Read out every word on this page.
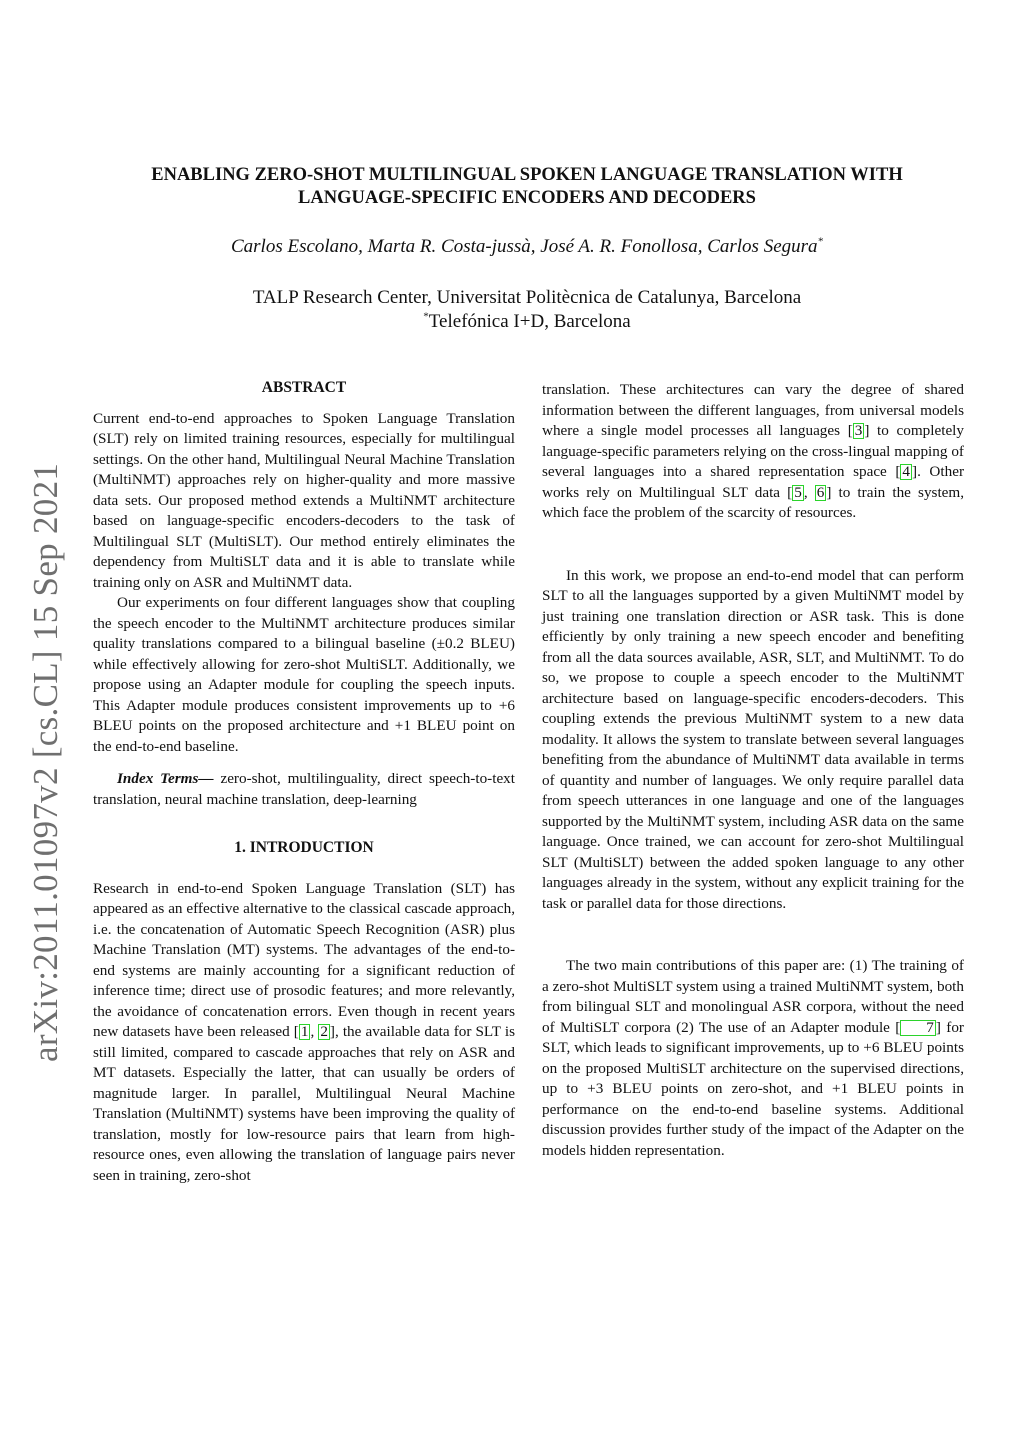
arXiv:2011.01097v2 [cs.CL] 15 Sep 2021
ENABLING ZERO-SHOT MULTILINGUAL SPOKEN LANGUAGE TRANSLATION WITH
LANGUAGE-SPECIFIC ENCODERS AND DECODERS
Carlos Escolano, Marta R. Costa-jussà, José A. R. Fonollosa, Carlos Segura*
TALP Research Center, Universitat Politècnica de Catalunya, Barcelona
*Telefónica I+D, Barcelona
ABSTRACT

Current end-to-end approaches to Spoken Language Translation (SLT) rely on limited training resources, especially for multilingual settings. On the other hand, Multilingual Neural Machine Translation (MultiNMT) approaches rely on higher-quality and more massive data sets. Our proposed method extends a MultiNMT architecture based on language-specific encoders-decoders to the task of Multilingual SLT (MultiSLT). Our method entirely eliminates the dependency from MultiSLT data and it is able to translate while training only on ASR and MultiNMT data.

Our experiments on four different languages show that coupling the speech encoder to the MultiNMT architecture produces similar quality translations compared to a bilingual baseline (±0.2 BLEU) while effectively allowing for zero-shot MultiSLT. Additionally, we propose using an Adapter module for coupling the speech inputs. This Adapter module produces consistent improvements up to +6 BLEU points on the proposed architecture and +1 BLEU point on the end-to-end baseline.

Index Terms— zero-shot, multilinguality, direct speech-to-text translation, neural machine translation, deep-learning

1. INTRODUCTION

Research in end-to-end Spoken Language Translation (SLT) has appeared as an effective alternative to the classical cascade approach, i.e. the concatenation of Automatic Speech Recognition (ASR) plus Machine Translation (MT) systems. The advantages of the end-to-end systems are mainly accounting for a significant reduction of inference time; direct use of prosodic features; and more relevantly, the avoidance of concatenation errors. Even though in recent years new datasets have been released [ 1 , 2 ], the available data for SLT is still limited, compared to cascade approaches that rely on ASR and MT datasets. Especially the latter, that can usually be orders of magnitude larger. In parallel, Multilingual Neural Machine Translation (MultiNMT) systems have been improving the quality of translation, mostly for low-resource pairs that learn from high-resource ones, even allowing the translation of language pairs never seen in training, zero-shot

translation. These architectures can vary the degree of shared information between the different languages, from universal models where a single model processes all languages [ 3 ] to completely language-specific parameters relying on the cross-lingual mapping of several languages into a shared representation space [ 4 ]. Other works rely on Multilingual SLT data [ 5 , 6 ] to train the system, which face the problem of the scarcity of resources.

In this work, we propose an end-to-end model that can perform SLT to all the languages supported by a given MultiNMT model by just training one translation direction or ASR task. This is done efficiently by only training a new speech encoder and benefiting from all the data sources available, ASR, SLT, and MultiNMT. To do so, we propose to couple a speech encoder to the MultiNMT architecture based on language-specific encoders-decoders. This coupling extends the previous MultiNMT system to a new data modality. It allows the system to translate between several languages benefiting from the abundance of MultiNMT data available in terms of quantity and number of languages. We only require parallel data from speech utterances in one language and one of the languages supported by the MultiNMT system, including ASR data on the same language. Once trained, we can account for zero-shot Multilingual SLT (MultiSLT) between the added spoken language to any other languages already in the system, without any explicit training for the task or parallel data for those directions.

The two main contributions of this paper are: (1) The training of a zero-shot MultiSLT system using a trained MultiNMT system, both from bilingual SLT and monolingual ASR corpora, without the need of MultiSLT corpora (2) The use of an Adapter module [ 7 ] for SLT, which leads to significant improvements, up to +6 BLEU points on the proposed MultiSLT architecture on the supervised directions, up to +3 BLEU points on zero-shot, and +1 BLEU points in performance on the end-to-end baseline systems. Additional discussion provides further study of the impact of the Adapter on the models hidden representation.
